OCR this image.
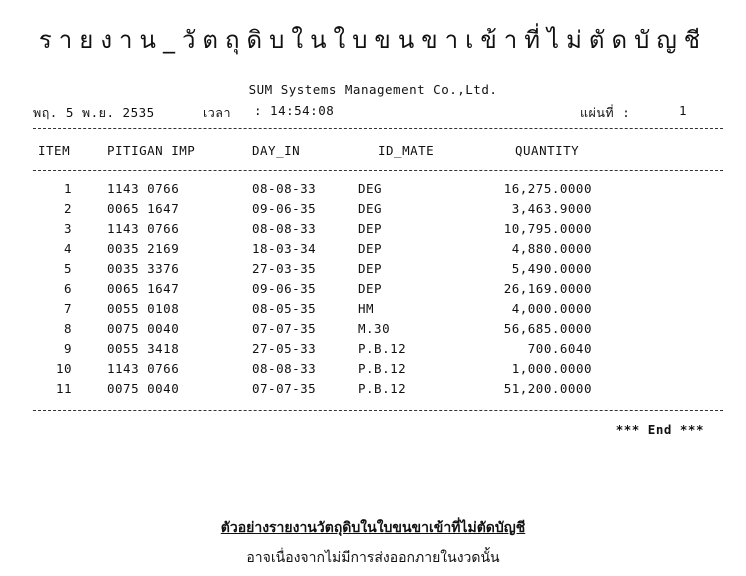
รายงาน_วัตถุดิบในใบขนขาเข้าที่ไม่ตัดบัญชี
SUM Systems Management Co.,Ltd.
พฤ. 5 พ.ย. 2535	เวลา : 14:54:08	แผ่นที่ :	1
ITEM	PITIGAN IMP	DAY_IN	ID_MATE	QUANTITY
1	1143 0766	08-08-33	DEG	16,275.0000
2	0065 1647	09-06-35	DEG	3,463.9000
3	1143 0766	08-08-33	DEP	10,795.0000
4	0035 2169	18-03-34	DEP	4,880.0000
5	0035 3376	27-03-35	DEP	5,490.0000
6	0065 1647	09-06-35	DEP	26,169.0000
7	0055 0108	08-05-35	HM	4,000.0000
8	0075 0040	07-07-35	M.30	56,685.0000
9	0055 3418	27-05-33	P.B.12	700.6040
10	1143 0766	08-08-33	P.B.12	1,000.0000
11	0075 0040	07-07-35	P.B.12	51,200.0000
*** End ***
ตัวอย่างรายงานวัตถุดิบในใบขนขาเข้าที่ไม่ตัดบัญชี
อาจเนื่องจากไม่มีการส่งออกภายในงวดนั้น
